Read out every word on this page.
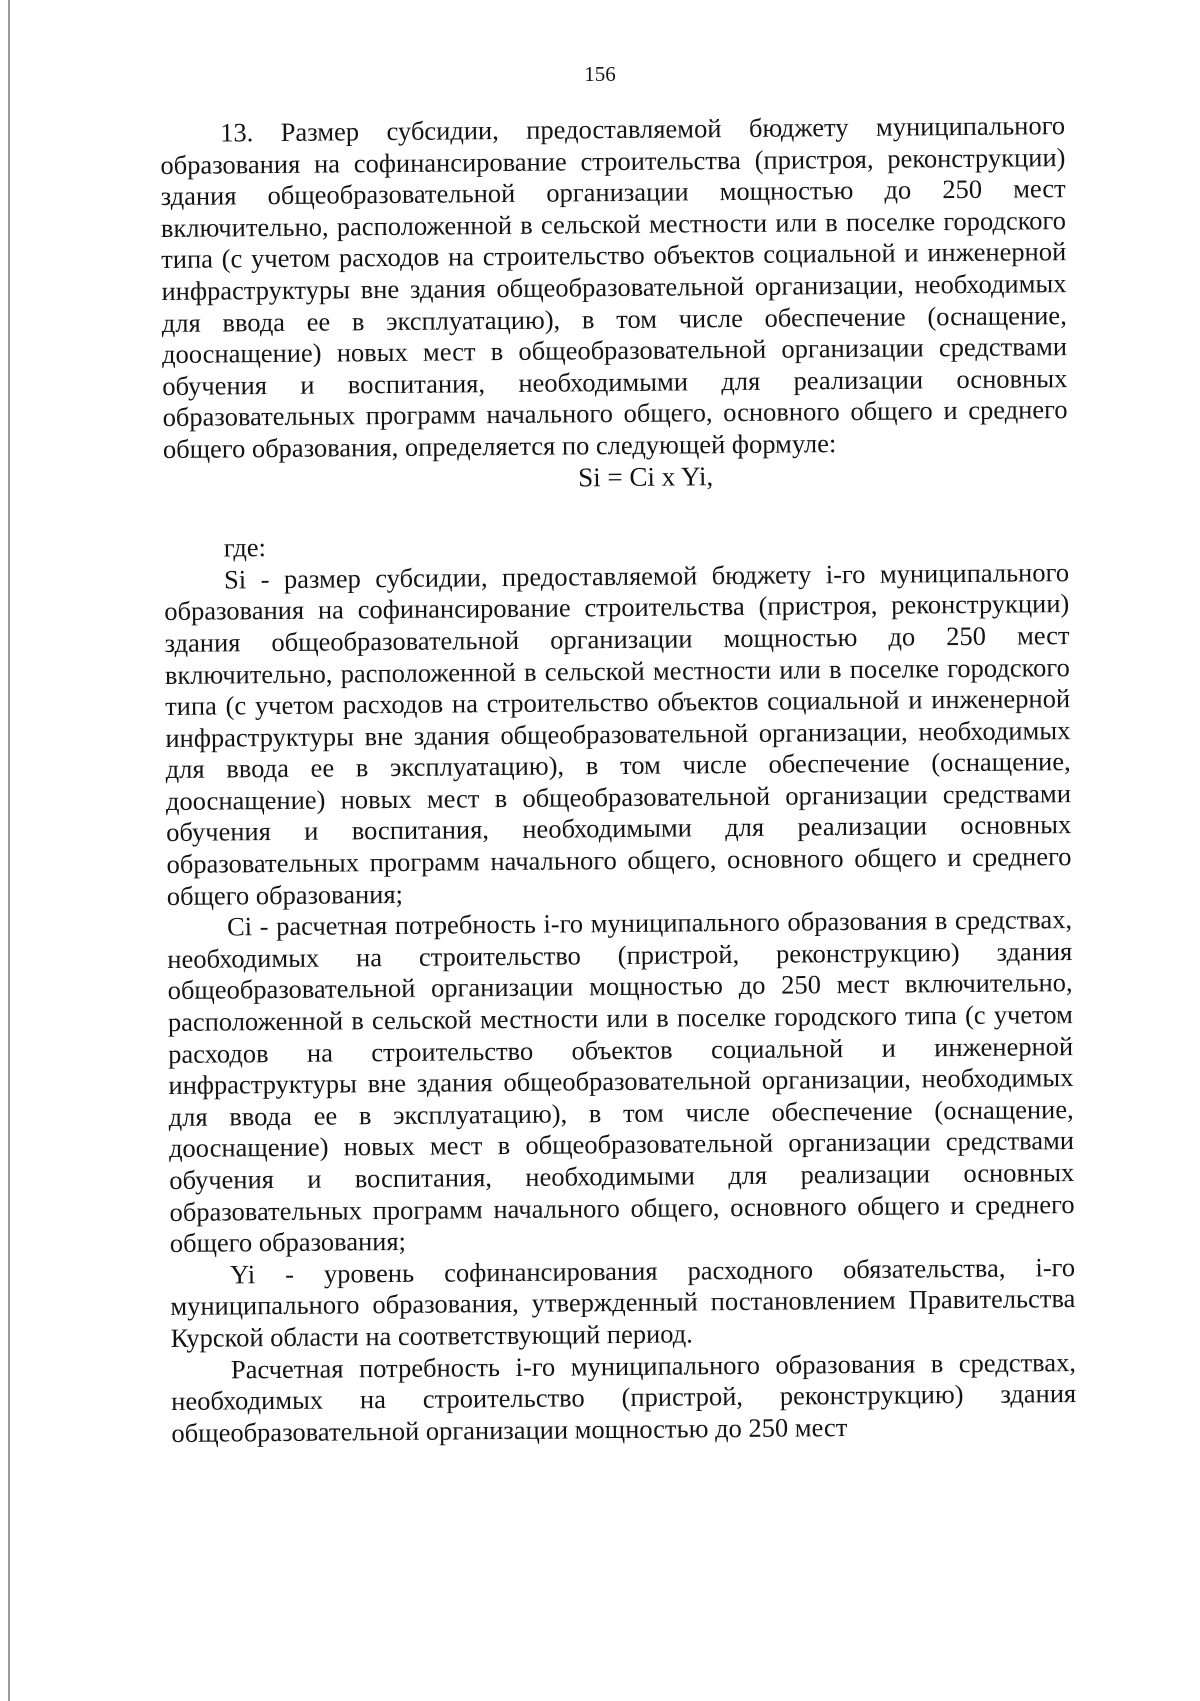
156

13. Размер субсидии, предоставляемой бюджету муниципального образования на софинансирование строительства (пристроя, реконструкции) здания общеобразовательной организации мощностью до 250 мест включительно, расположенной в сельской местности или в поселке городского типа (с учетом расходов на строительство объектов социальной и инженерной инфраструктуры вне здания общеобразовательной организации, необходимых для ввода ее в эксплуатацию), в том числе обеспечение (оснащение, дооснащение) новых мест в общеобразовательной организации средствами обучения и воспитания, необходимыми для реализации основных образовательных программ начального общего, основного общего и среднего общего образования, определяется по следующей формуле:

Si = Ci x Yi,

где:

Si - размер субсидии, предоставляемой бюджету i-го муниципального образования на софинансирование строительства (пристроя, реконструкции) здания общеобразовательной организации мощностью до 250 мест включительно, расположенной в сельской местности или в поселке городского типа (с учетом расходов на строительство объектов социальной и инженерной инфраструктуры вне здания общеобразовательной организации, необходимых для ввода ее в эксплуатацию), в том числе обеспечение (оснащение, дооснащение) новых мест в общеобразовательной организации средствами обучения и воспитания, необходимыми для реализации основных образовательных программ начального общего, основного общего и среднего общего образования;

Ci - расчетная потребность i-го муниципального образования в средствах, необходимых на строительство (пристрой, реконструкцию) здания общеобразовательной организации мощностью до 250 мест включительно, расположенной в сельской местности или в поселке городского типа (с учетом расходов на строительство объектов социальной и инженерной инфраструктуры вне здания общеобразовательной организации, необходимых для ввода ее в эксплуатацию), в том числе обеспечение (оснащение, дооснащение) новых мест в общеобразовательной организации средствами обучения и воспитания, необходимыми для реализации основных образовательных программ начального общего, основного общего и среднего общего образования;

Yi - уровень софинансирования расходного обязательства, i-го муниципального образования, утвержденный постановлением Правительства Курской области на соответствующий период.

Расчетная потребность i-го муниципального образования в средствах, необходимых на строительство (пристрой, реконструкцию) здания общеобразовательной организации мощностью до 250 мест
